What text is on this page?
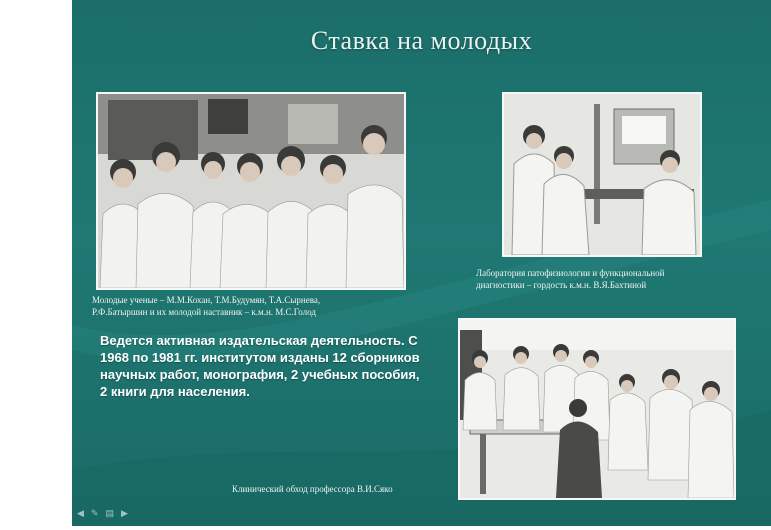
Ставка на молодых
Молодые ученые – М.М.Кохан, Т.М.Будумян, Т.А.Сырнева,
Р.Ф.Батыршин и их молодой наставник – к.м.н. М.С.Голод
Лаборатория патофизиологии и функциональной
диагностики – гордость к.м.н. В.Я.Бахтиной
Клинический обход профессора В.И.Сяко
Ведется активная издательская деятельность. С 1968 по 1981 гг. институтом изданы 12 сборников научных работ, монография, 2 учебных пособия, 2 книги для населения.
◀ ✎ ▤ ▶
